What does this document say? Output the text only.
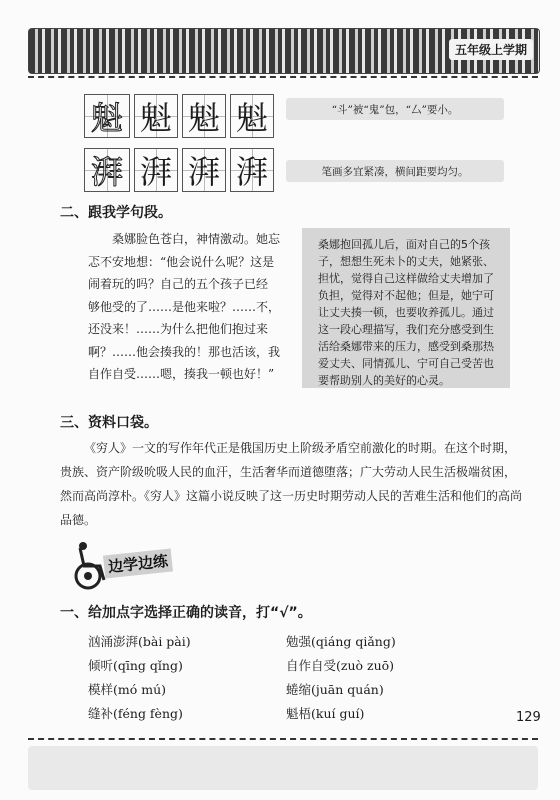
五年级上学期
魁 魁 魁 魁	“斗”被“鬼”包，“厶”要小。
湃 湃 湃 湃	笔画多宜紧凑，横间距要均匀。
二、跟我学句段。
桑娜脸色苍白，神情激动。她忘
忑不安地想：“他会说什么呢？这是
闹着玩的吗？自己的五个孩子已经
够他受的了……是他来啦？……不，
还没来！……为什么把他们抱过来
啊？……他会揍我的！那也活该，我
自作自受……嗯，揍我一顿也好！”
桑娜抱回孤儿后，面对自己的5个孩子，想想生死未卜的丈夫，她紧张、担忧，觉得自己这样做给丈夫增加了负担，觉得对不起他；但是，她宁可让丈夫揍一顿，也要收养孤儿。通过这一段心理描写，我们充分感受到生活给桑娜带来的压力，感受到桑那热爱丈夫、同情孤儿、宁可自己受苦也要帮助别人的美好的心灵。
三、资料口袋。
《穷人》一文的写作年代正是俄国历史上阶级矛盾空前激化的时期。在这个时期，贵族、资产阶级吮吸人民的血汗，生活奢华而道德堕落；广大劳动人民生活极端贫困，然而高尚淳朴。《穷人》这篇小说反映了这一历史时期劳动人民的苦难生活和他们的高尚品德。
边学边练
一、给加点字选择正确的读音，打“√”。
汹涌澎湃(bài pài)	勉强(qiáng qiǎng)
倾听(qīng qǐng)	自作自受(zuò zuō)
模样(mó mú)	蜷缩(juān quán)
缝补(féng fèng)	魁梧(kuí guí)	129
